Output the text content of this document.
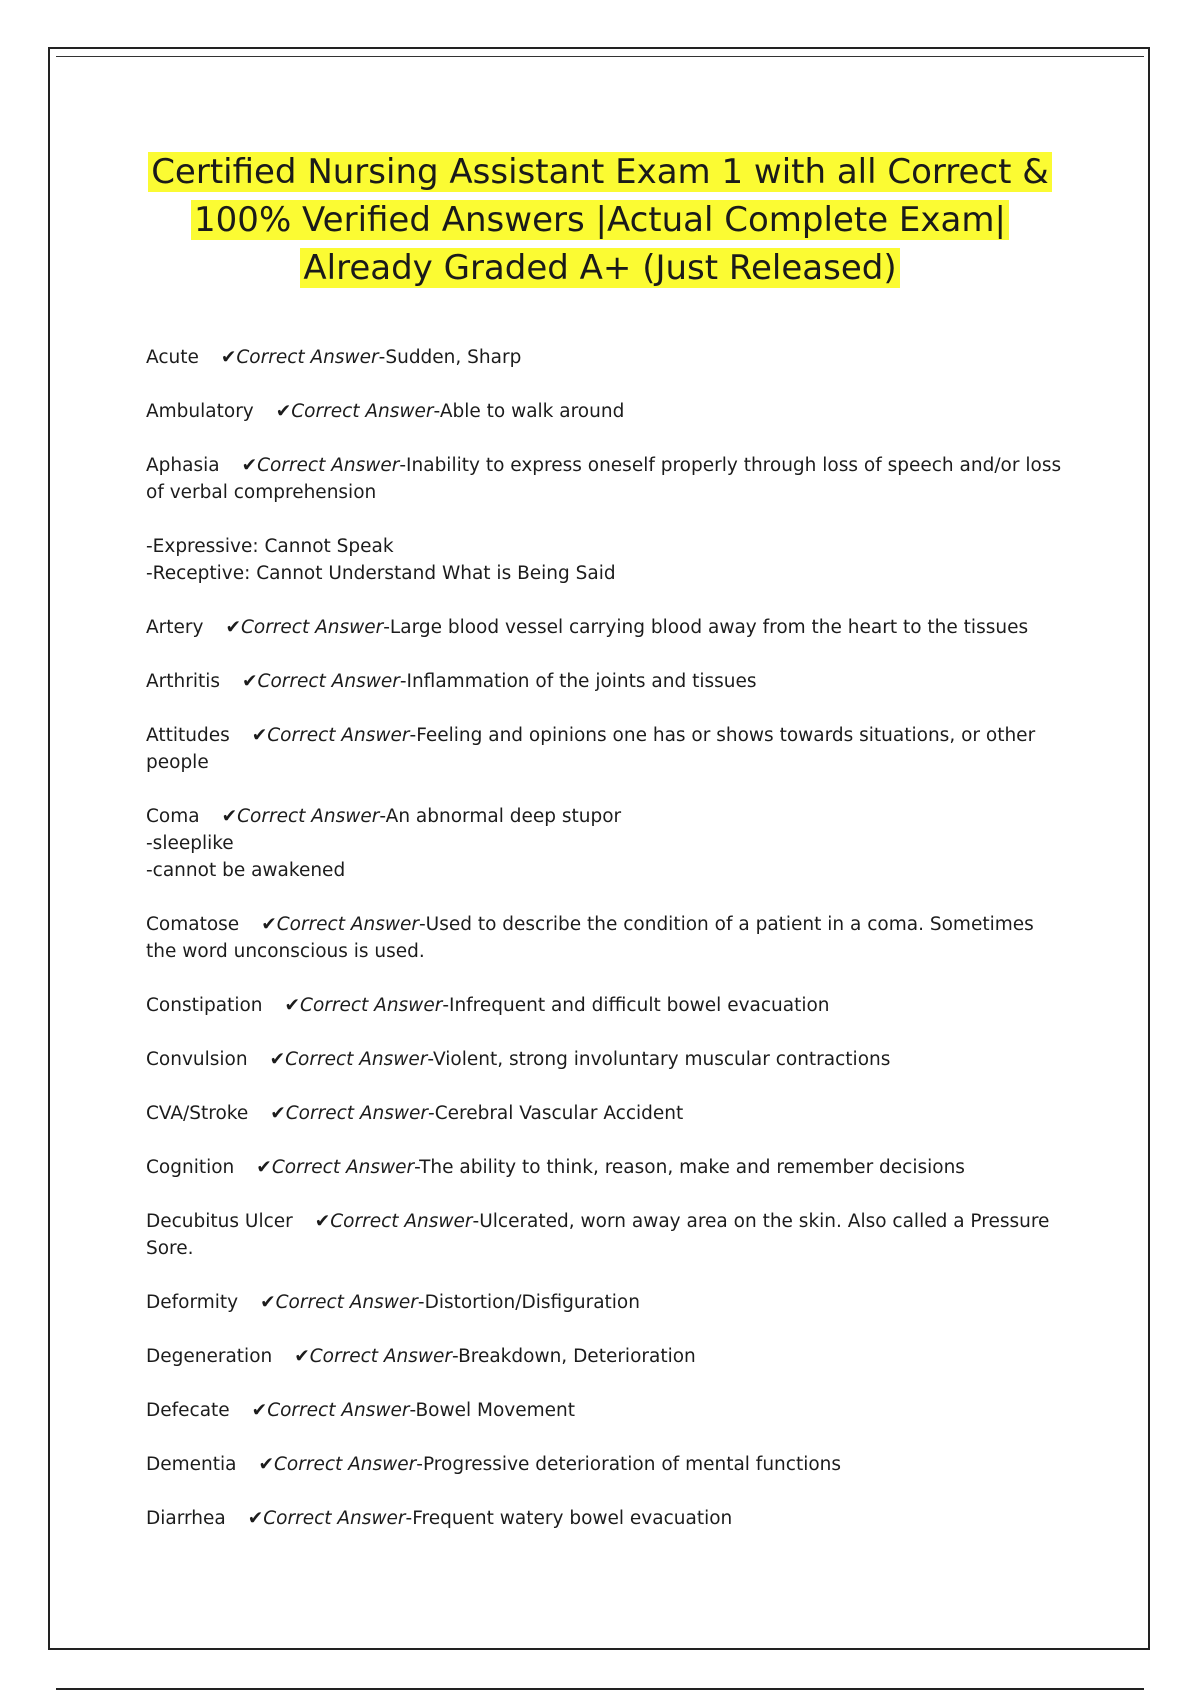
Certified Nursing Assistant Exam 1 with all Correct &
100% Verified Answers |Actual Complete Exam|
Already Graded A+ (Just Released)
Acute ✔Correct Answer-Sudden, Sharp
Ambulatory ✔Correct Answer-Able to walk around
Aphasia ✔Correct Answer-Inability to express oneself properly through loss of speech and/or loss of verbal comprehension
-Expressive: Cannot Speak
-Receptive: Cannot Understand What is Being Said
Artery ✔Correct Answer-Large blood vessel carrying blood away from the heart to the tissues
Arthritis ✔Correct Answer-Inflammation of the joints and tissues
Attitudes ✔Correct Answer-Feeling and opinions one has or shows towards situations, or other people
Coma ✔Correct Answer-An abnormal deep stupor
-sleeplike
-cannot be awakened
Comatose ✔Correct Answer-Used to describe the condition of a patient in a coma. Sometimes the word unconscious is used.
Constipation ✔Correct Answer-Infrequent and difficult bowel evacuation
Convulsion ✔Correct Answer-Violent, strong involuntary muscular contractions
CVA/Stroke ✔Correct Answer-Cerebral Vascular Accident
Cognition ✔Correct Answer-The ability to think, reason, make and remember decisions
Decubitus Ulcer ✔Correct Answer-Ulcerated, worn away area on the skin. Also called a Pressure Sore.
Deformity ✔Correct Answer-Distortion/Disfiguration
Degeneration ✔Correct Answer-Breakdown, Deterioration
Defecate ✔Correct Answer-Bowel Movement
Dementia ✔Correct Answer-Progressive deterioration of mental functions
Diarrhea ✔Correct Answer-Frequent watery bowel evacuation
